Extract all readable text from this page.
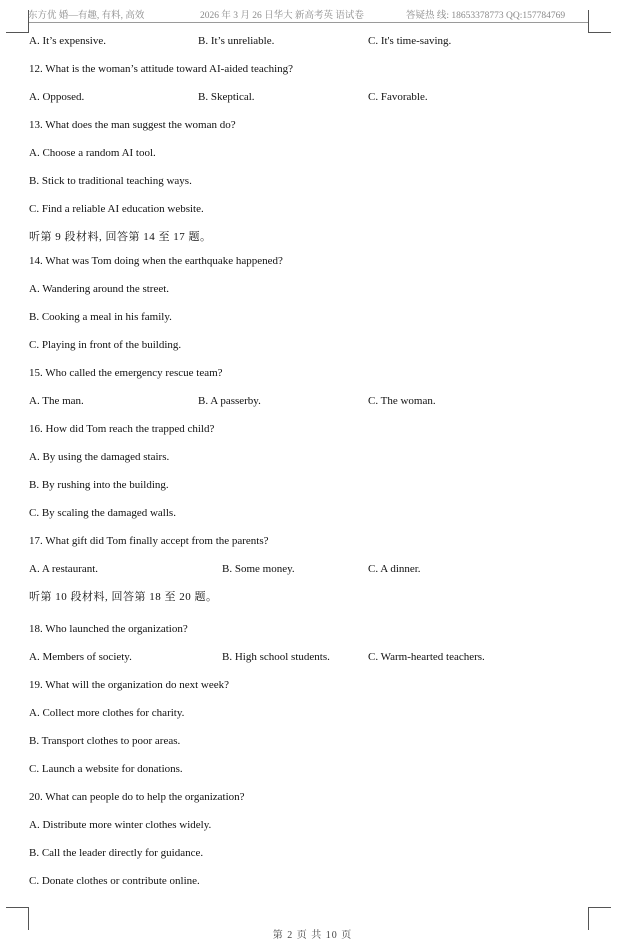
东方优 婚—有趣, 有料, 高效	2026 年 3 月 26 日华大 新高考英 语试卷	答疑热 线: 18653378773 QQ:157784769
A. It’s expensive.	B. It’s unreliable.	C. It's time-saving.
12. What is the woman’s attitude toward AI-aided teaching?
A. Opposed.	B. Skeptical.	C. Favorable.
13. What does the man suggest the woman do?
A. Choose a random AI tool.
B. Stick to traditional teaching ways.
C. Find a reliable AI education website.
听第 9 段材料, 回答第 14 至 17 题。
14. What was Tom doing when the earthquake happened?
A. Wandering around the street.
B. Cooking a meal in his family.
C. Playing in front of the building.
15. Who called the emergency rescue team?
A. The man.	B. A passerby.	C. The woman.
16. How did Tom reach the trapped child?
A. By using the damaged stairs.
B. By rushing into the building.
C. By scaling the damaged walls.
17. What gift did Tom finally accept from the parents?
A. A restaurant.	B. Some money.	C. A dinner.
听第 10 段材料, 回答第 18 至 20 题。
18. Who launched the organization?
A. Members of society.	B. High school students.	C. Warm-hearted teachers.
19. What will the organization do next week?
A. Collect more clothes for charity.
B. Transport clothes to poor areas.
C. Launch a website for donations.
20. What can people do to help the organization?
A. Distribute more winter clothes widely.
B. Call the leader directly for guidance.
C. Donate clothes or contribute online.
第 2 页 共 10 页
